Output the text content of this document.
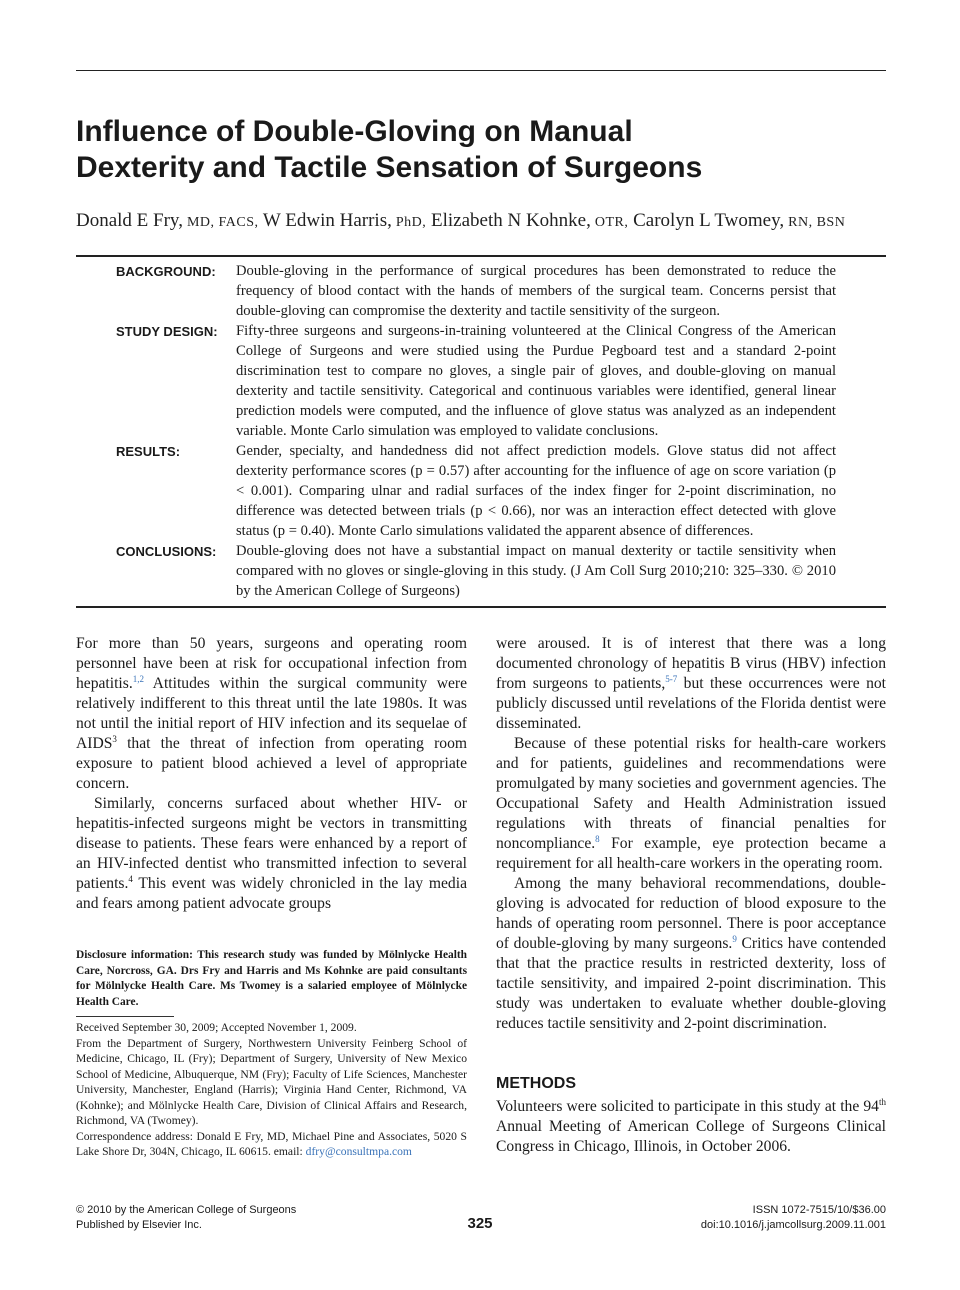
Influence of Double-Gloving on Manual
Dexterity and Tactile Sensation of Surgeons

Donald E Fry, MD, FACS, W Edwin Harris, PhD, Elizabeth N Kohnke, OTR, Carolyn L Twomey, RN, BSN

BACKGROUND:	Double-gloving in the performance of surgical procedures has been demonstrated to reduce the frequency of blood contact with the hands of members of the surgical team. Concerns persist that double-gloving can compromise the dexterity and tactile sensitivity of the surgeon.
STUDY DESIGN:	Fifty-three surgeons and surgeons-in-training volunteered at the Clinical Congress of the American College of Surgeons and were studied using the Purdue Pegboard test and a standard 2-point discrimination test to compare no gloves, a single pair of gloves, and double-gloving on manual dexterity and tactile sensitivity. Categorical and continuous variables were identified, general linear prediction models were computed, and the influence of glove status was analyzed as an independent variable. Monte Carlo simulation was employed to validate conclusions.
RESULTS:	Gender, specialty, and handedness did not affect prediction models. Glove status did not affect dexterity performance scores (p = 0.57) after accounting for the influence of age on score variation (p < 0.001). Comparing ulnar and radial surfaces of the index finger for 2-point discrimination, no difference was detected between trials (p < 0.66), nor was an interaction effect detected with glove status (p = 0.40). Monte Carlo simulations validated the apparent absence of differences.
CONCLUSIONS:	Double-gloving does not have a substantial impact on manual dexterity or tactile sensitivity when compared with no gloves or single-gloving in this study. (J Am Coll Surg 2010;210: 325–330. © 2010 by the American College of Surgeons)

For more than 50 years, surgeons and operating room personnel have been at risk for occupational infection from hepatitis.$^{1,2}$ Attitudes within the surgical community were relatively indifferent to this threat until the late 1980s. It was not until the initial report of HIV infection and its sequelae of AIDS$^3$ that the threat of infection from operating room exposure to patient blood achieved a level of appropriate concern.

Similarly, concerns surfaced about whether HIV- or hepatitis-infected surgeons might be vectors in transmitting disease to patients. These fears were enhanced by a report of an HIV-infected dentist who transmitted infection to several patients.$^4$ This event was widely chronicled in the lay media and fears among patient advocate groups

were aroused. It is of interest that there was a long documented chronology of hepatitis B virus (HBV) infection from surgeons to patients,$^{5-7}$ but these occurrences were not publicly discussed until revelations of the Florida dentist were disseminated.

Because of these potential risks for health-care workers and for patients, guidelines and recommendations were promulgated by many societies and government agencies. The Occupational Safety and Health Administration issued regulations with threats of financial penalties for noncompliance.$^8$ For example, eye protection became a requirement for all health-care workers in the operating room.

Among the many behavioral recommendations, double-gloving is advocated for reduction of blood exposure to the hands of operating room personnel. There is poor acceptance of double-gloving by many surgeons.$^9$ Critics have contended that that the practice results in restricted dexterity, loss of tactile sensitivity, and impaired 2-point discrimination. This study was undertaken to evaluate whether double-gloving reduces tactile sensitivity and 2-point discrimination.

Disclosure information: This research study was funded by Mölnlycke Health Care, Norcross, GA. Drs Fry and Harris and Ms Kohnke are paid consultants for Mölnlycke Health Care. Ms Twomey is a salaried employee of Mölnlycke Health Care.

Received September 30, 2009; Accepted November 1, 2009.

From the Department of Surgery, Northwestern University Feinberg School of Medicine, Chicago, IL (Fry); Department of Surgery, University of New Mexico School of Medicine, Albuquerque, NM (Fry); Faculty of Life Sciences, Manchester University, Manchester, England (Harris); Virginia Hand Center, Richmond, VA (Kohnke); and Mölnlycke Health Care, Division of Clinical Affairs and Research, Richmond, VA (Twomey).

Correspondence address: Donald E Fry, MD, Michael Pine and Associates, 5020 S Lake Shore Dr, 304N, Chicago, IL 60615. email: dfry@consultmpa.com

METHODS

Volunteers were solicited to participate in this study at the 94th Annual Meeting of American College of Surgeons Clinical Congress in Chicago, Illinois, in October 2006.

© 2010 by the American College of Surgeons
Published by Elsevier Inc.	325
ISSN 1072-7515/10/$36.00
doi:10.1016/j.jamcollsurg.2009.11.001
